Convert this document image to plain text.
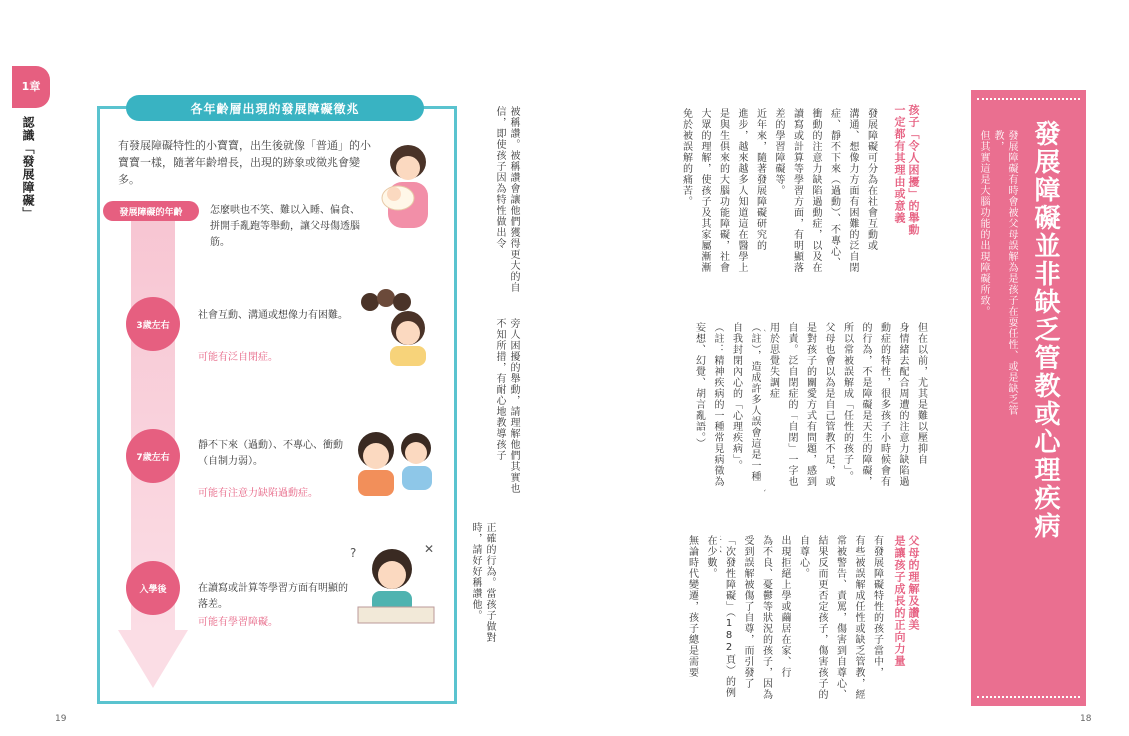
1章
認識「發展障礙」
各年齡層出現的發展障礙徵兆
有發展障礙特性的小寶寶，出生後就像「普通」的小寶寶一樣，隨著年齡增長，出現的跡象或徵兆會變多。
發展障礙的年齡	怎麼哄也不笑、難以入睡、偏食、拼開手亂跑等舉動，讓父母傷透腦筋。
3歲左右
社會互動、溝通或想像力有困難。
可能有泛自閉症。
7歲左右
靜不下來（過動）、不專心、衝動（自制力弱）。
可能有注意力缺陷過動症。
入學後	在讀寫或計算等學習方面有明顯的落差。
可能有學習障礙。
?	✕
被稱讚。被稱讚會讓他們獲得更大的自信，即使孩子因為特性做出令
旁人困擾的舉動，請理解他們其實也不知所措，有耐心地教導孩子
正確的行為。當孩子做對時，請好好稱讚他。
19
發展障礙並非缺乏管教或心理疾病
發展障礙有時會被父母誤解為是孩子在耍任性、或是缺乏管教，
但其實這是大腦功能的出現障礙所致。
孩子「令人困擾」的舉動
一定都有其理由或意義
發展障礙可分為在社會互動或
溝通、想像力方面有困難的泛自閉
症、靜不下來（過動）、不專心、
衝動的注意力缺陷過動症，以及在
讀寫或計算等學習方面，有明顯落
差的學習障礙等。
近年來，隨著發展障礙研究的
進步，越來越多人知道這在醫學上
是與生俱來的大腦功能障礙，社會
大眾的理解，使孩子及其家屬漸漸
免於被誤解的痛苦。
但在以前，尤其是難以壓抑自
身情緒去配合周遭的注意力缺陷過
動症的特性，很多孩子小時候會有
的行為，不是障礙是天生的障礙，
所以常被誤解成「任性的孩子」。
父母也會以為是自己管教不足，或
是對孩子的關愛方式有問題，感到
自責。泛自閉症的「自閉」一字也
用於思覺失調症
（註），造成許多人誤會這是一種
自我封閉內心的「心理疾病」。
（註：精神疾病的一種常見病徵為
妄想、幻覺、胡言亂語。）
父母的理解及讚美
是讓孩子成長的正向力量
有發展障礙特性的孩子當中，
有些被誤解成任性或缺乏管教，經
常被警告、責罵，傷害到自尊心、
結果反而更否定孩子，傷害孩子的
自尊心。
出現拒絕上學或繭居在家、行
為不良、憂鬱等狀況的孩子，因為
受到誤解被傷了自尊，而引發了
「次發性障礙」（182頁）的例
在少數。
無論時代變遷，孩子總是需要
18
